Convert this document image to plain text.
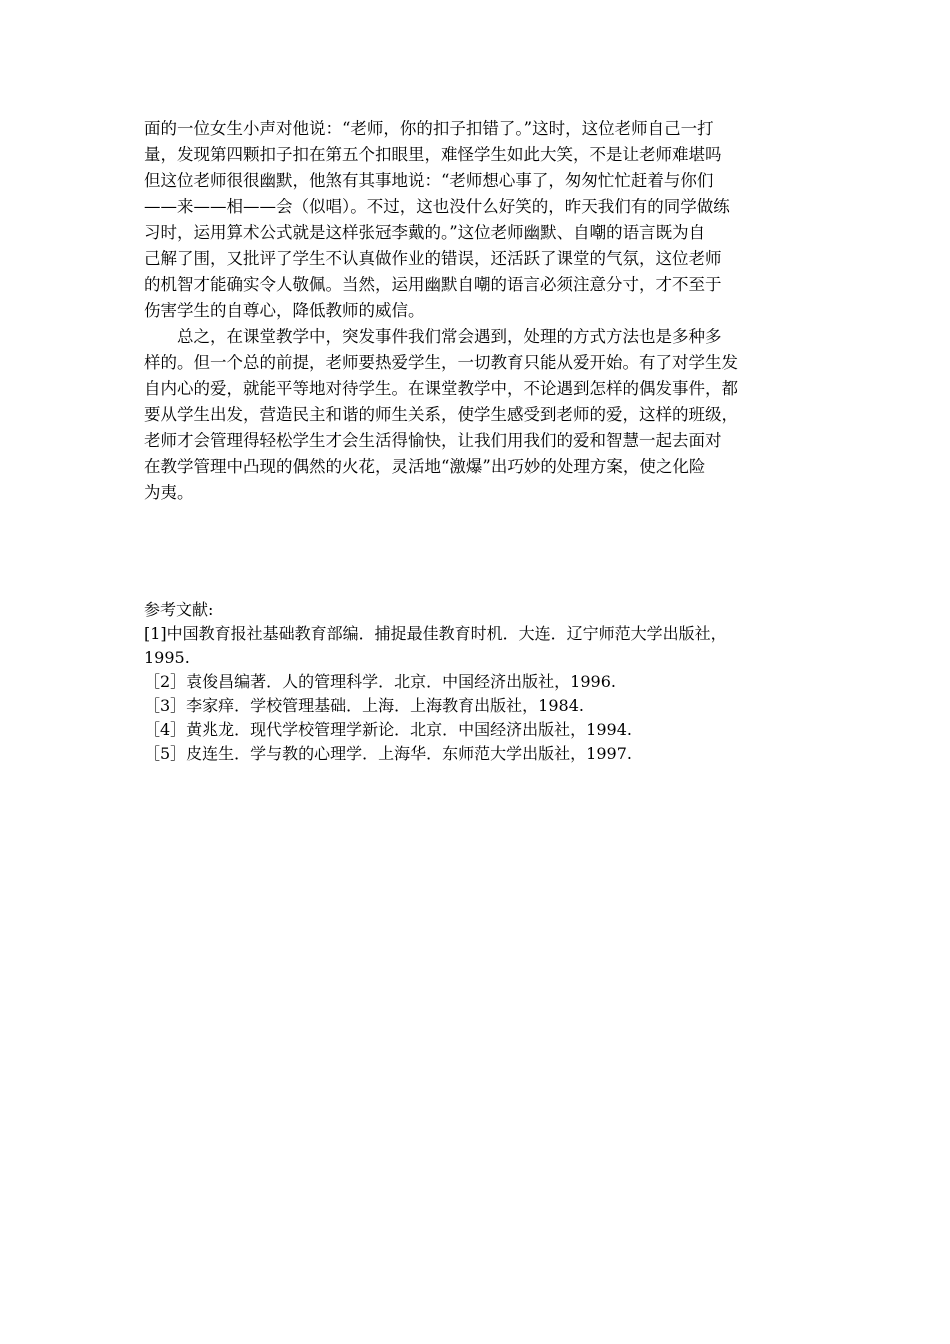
面的一位女生小声对他说：“老师，你的扣子扣错了。”这时，这位老师自己一打
量，发现第四颗扣子扣在第五个扣眼里，难怪学生如此大笑，不是让老师难堪吗
但这位老师很很幽默，他煞有其事地说：“老师想心事了，匆匆忙忙赶着与你们
——来——相——会（似唱）。不过，这也没什么好笑的，昨天我们有的同学做练
习时，运用算术公式就是这样张冠李戴的。”这位老师幽默、自嘲的语言既为自
己解了围，又批评了学生不认真做作业的错误，还活跃了课堂的气氛，这位老师
的机智才能确实令人敬佩。当然，运用幽默自嘲的语言必须注意分寸，才不至于
伤害学生的自尊心，降低教师的威信。
　　总之，在课堂教学中，突发事件我们常会遇到，处理的方式方法也是多种多
样的。但一个总的前提，老师要热爱学生，一切教育只能从爱开始。有了对学生发
自内心的爱，就能平等地对待学生。在课堂教学中，不论遇到怎样的偶发事件，都
要从学生出发，营造民主和谐的师生关系，使学生感受到老师的爱，这样的班级，
老师才会管理得轻松学生才会生活得愉快，让我们用我们的爱和智慧一起去面对
在教学管理中凸现的偶然的火花，灵活地“激爆”出巧妙的处理方案，使之化险
为夷。
参考文献:
[1]中国教育报社基础教育部编．捕捉最佳教育时机．大连．辽宁师范大学出版社，
1995.
［2］袁俊昌编著．人的管理科学．北京．中国经济出版社，1996.
［3］李家痒．学校管理基础．上海．上海教育出版社，1984.
［4］黄兆龙．现代学校管理学新论．北京．中国经济出版社，1994.
［5］皮连生．学与教的心理学．上海华．东师范大学出版社，1997.
